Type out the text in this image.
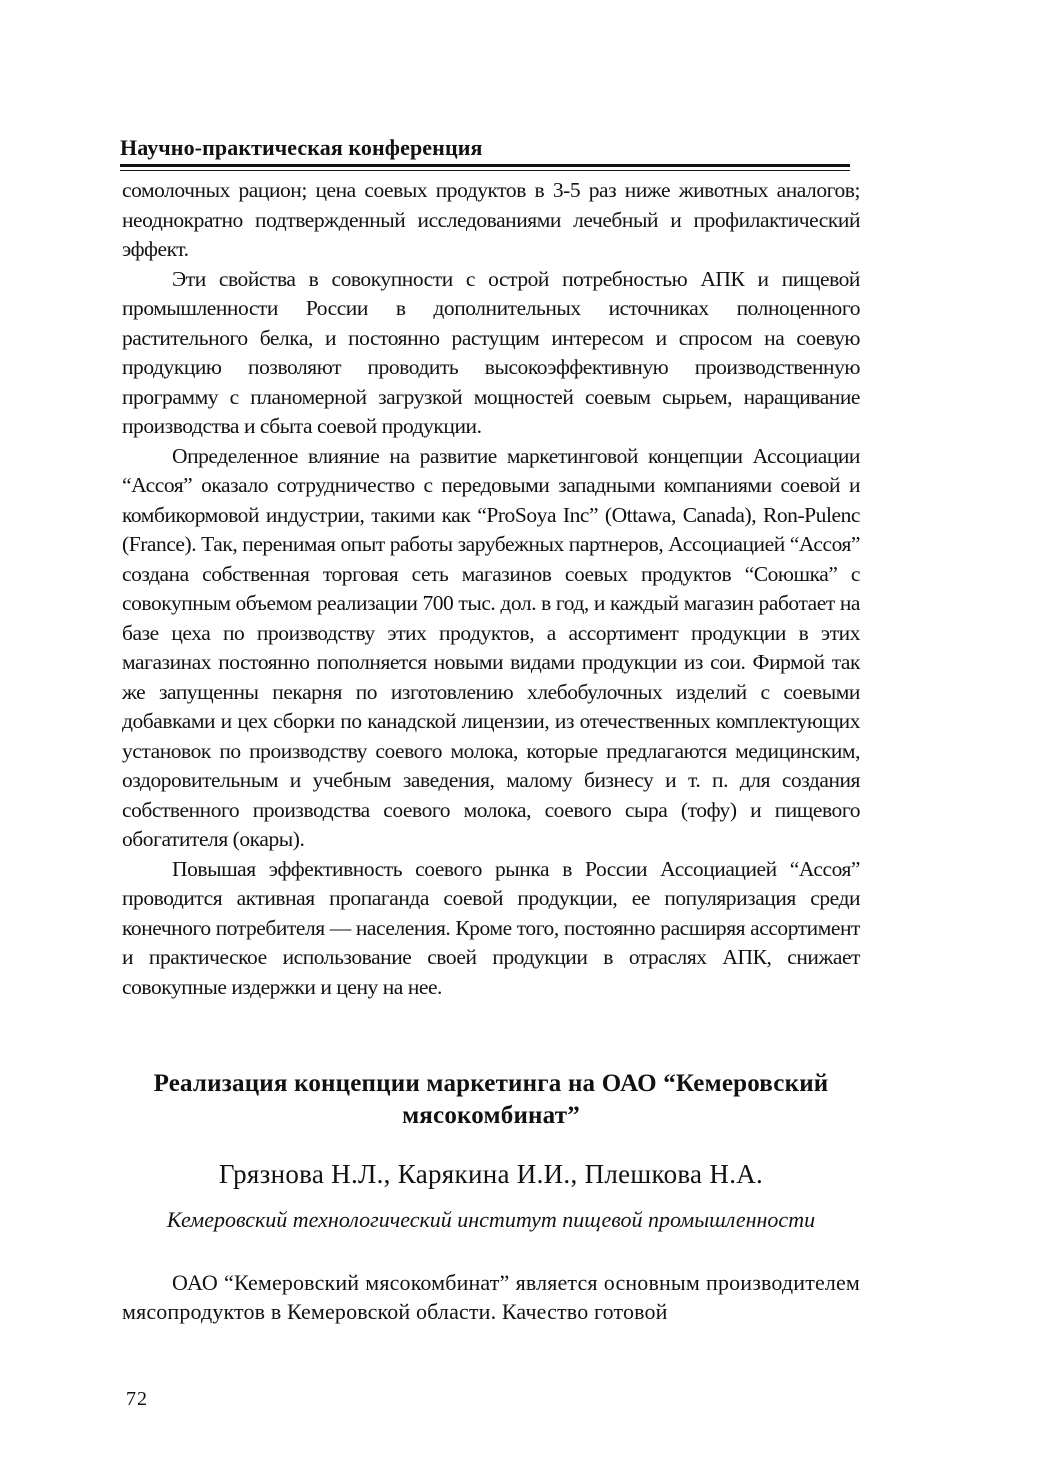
Научно-практическая конференция

сомолочных рацион; цена соевых продуктов в 3-5 раз ниже животных аналогов; неоднократно подтвержденный исследованиями лечебный и профилактический эффект.

Эти свойства в совокупности с острой потребностью АПК и пищевой промышленности России в дополнительных источниках полноценного растительного белка, и постоянно растущим интересом и спросом на соевую продукцию позволяют проводить высокоэффективную производственную программу с планомерной загрузкой мощностей соевым сырьем, наращивание производства и сбыта соевой продукции.

Определенное влияние на развитие маркетинговой концепции Ассоциации “Ассоя” оказало сотрудничество с передовыми западными компаниями соевой и комбикормовой индустрии, такими как “ProSoya Inc” (Ottawa, Canada), Ron-Pulenc (France). Так, перенимая опыт работы зарубежных партнеров, Ассоциацией “Ассоя” создана собственная торговая сеть магазинов соевых продуктов “Союшка” с совокупным объемом реализации 700 тыс. дол. в год, и каждый магазин работает на базе цеха по производству этих продуктов, а ассортимент продукции в этих магазинах постоянно пополняется новыми видами продукции из сои. Фирмой так же запущенны пекарня по изготовлению хлебобулочных изделий с соевыми добавками и цех сборки по канадской лицензии, из отечественных комплектующих установок по производству соевого молока, которые предлагаются медицинским, оздоровительным и учебным заведения, малому бизнесу и т. п. для создания собственного производства соевого молока, соевого сыра (тофу) и пищевого обогатителя (окары).

Повышая эффективность соевого рынка в России Ассоциацией “Ассоя” проводится активная пропаганда соевой продукции, ее популяризация среди конечного потребителя — населения. Кроме того, постоянно расширяя ассортимент и практическое использование своей продукции в отраслях АПК, снижает совокупные издержки и цену на нее.

Реализация концепции маркетинга на ОАО “Кемеровский мясокомбинат”

Грязнова Н.Л., Карякина И.И., Плешкова Н.А.

Кемеровский технологический институт пищевой промышленности

ОАО “Кемеровский мясокомбинат” является основным производителем мясопродуктов в Кемеровской области. Качество готовой

72
